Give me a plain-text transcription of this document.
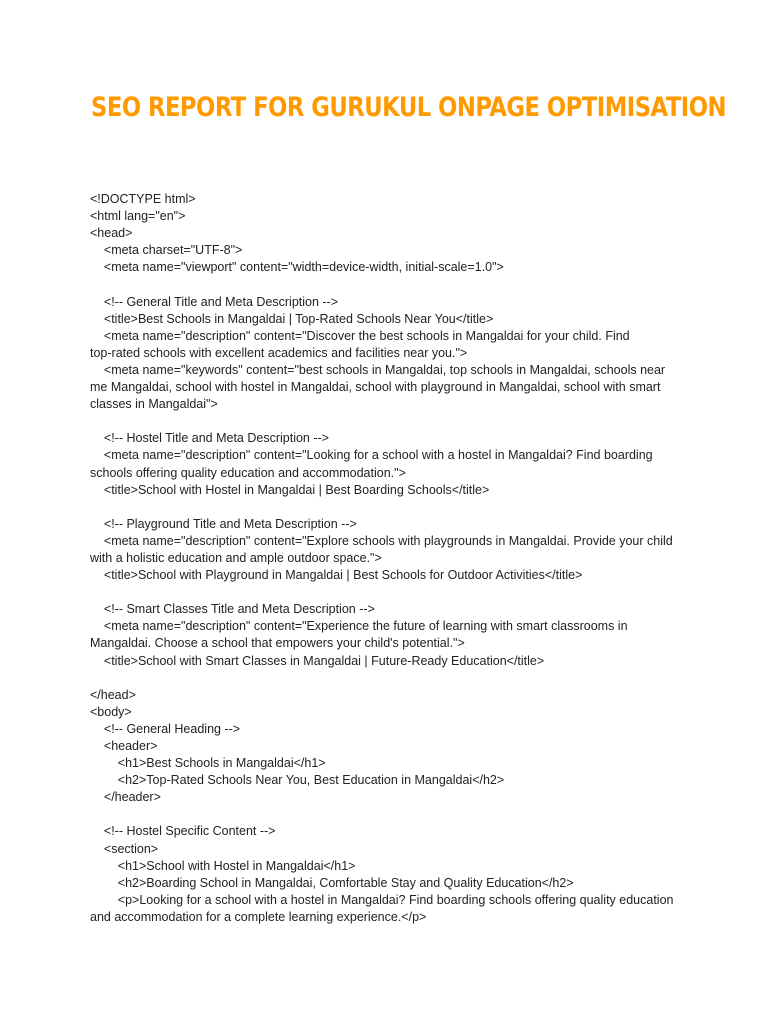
SEO REPORT FOR GURUKUL ONPAGE OPTIMISATION
<!DOCTYPE html>
<html lang="en">
<head>
<meta charset="UTF-8">
<meta name="viewport" content="width=device-width, initial-scale=1.0">
<!-- General Title and Meta Description -->
<title>Best Schools in Mangaldai | Top-Rated Schools Near You</title>
<meta name="description" content="Discover the best schools in Mangaldai for your child. Find
top-rated schools with excellent academics and facilities near you.">
<meta name="keywords" content="best schools in Mangaldai, top schools in Mangaldai, schools near
me Mangaldai, school with hostel in Mangaldai, school with playground in Mangaldai, school with smart
classes in Mangaldai">
<!-- Hostel Title and Meta Description -->
<meta name="description" content="Looking for a school with a hostel in Mangaldai? Find boarding
schools offering quality education and accommodation.">
<title>School with Hostel in Mangaldai | Best Boarding Schools</title>
<!-- Playground Title and Meta Description -->
<meta name="description" content="Explore schools with playgrounds in Mangaldai. Provide your child
with a holistic education and ample outdoor space.">
<title>School with Playground in Mangaldai | Best Schools for Outdoor Activities</title>
<!-- Smart Classes Title and Meta Description -->
<meta name="description" content="Experience the future of learning with smart classrooms in
Mangaldai. Choose a school that empowers your child's potential.">
<title>School with Smart Classes in Mangaldai | Future-Ready Education</title>
</head>
<body>
<!-- General Heading -->
<header>
<h1>Best Schools in Mangaldai</h1>
<h2>Top-Rated Schools Near You, Best Education in Mangaldai</h2>
</header>
<!-- Hostel Specific Content -->
<section>
<h1>School with Hostel in Mangaldai</h1>
<h2>Boarding School in Mangaldai, Comfortable Stay and Quality Education</h2>
<p>Looking for a school with a hostel in Mangaldai? Find boarding schools offering quality education
and accommodation for a complete learning experience.</p>
